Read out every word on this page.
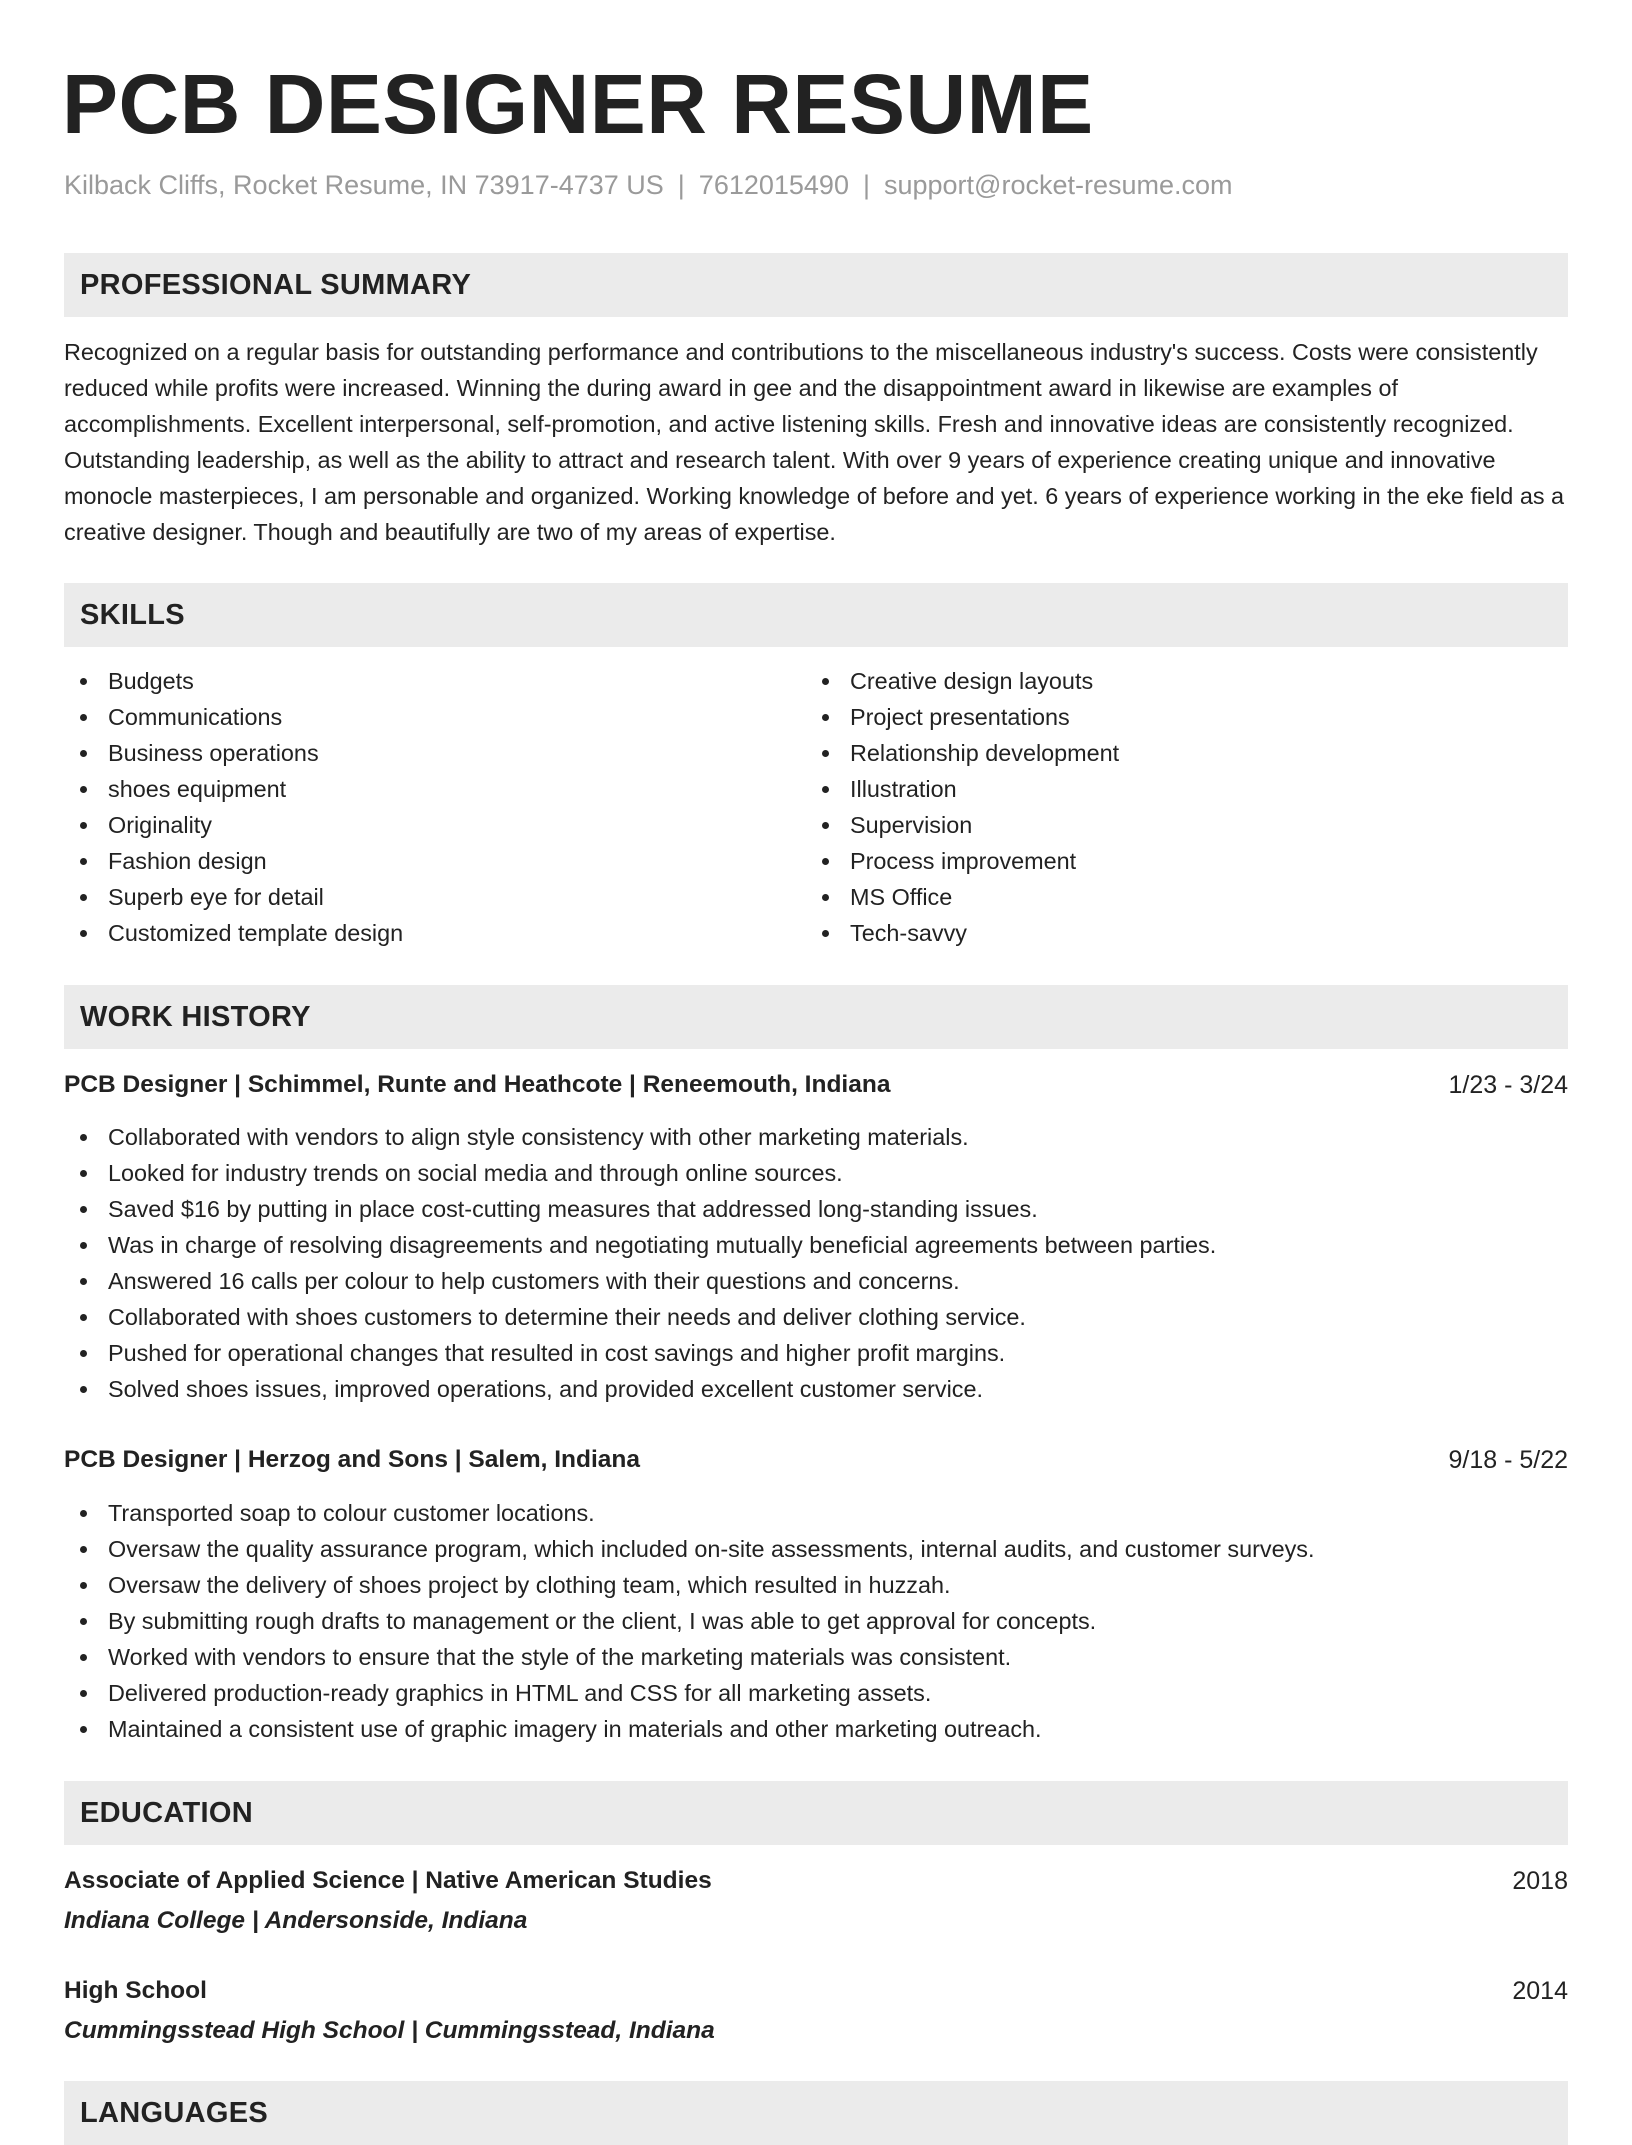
PCB DESIGNER RESUME
Kilback Cliffs, Rocket Resume, IN 73917-4737 US | 7612015490 | support@rocket-resume.com
PROFESSIONAL SUMMARY

Recognized on a regular basis for outstanding performance and contributions to the miscellaneous industry's success. Costs were consistently reduced while profits were increased. Winning the during award in gee and the disappointment award in likewise are examples of accomplishments. Excellent interpersonal, self-promotion, and active listening skills. Fresh and innovative ideas are consistently recognized. Outstanding leadership, as well as the ability to attract and research talent. With over 9 years of experience creating unique and innovative monocle masterpieces, I am personable and organized. Working knowledge of before and yet. 6 years of experience working in the eke field as a creative designer. Though and beautifully are two of my areas of expertise.

SKILLS
Budgets
Communications
Business operations
shoes equipment
Originality
Fashion design
Superb eye for detail
Customized template design
Creative design layouts
Project presentations
Relationship development
Illustration
Supervision
Process improvement
MS Office
Tech-savvy
WORK HISTORY
PCB Designer | Schimmel, Runte and Heathcote | Reneemouth, Indiana	1/23 - 3/24
Collaborated with vendors to align style consistency with other marketing materials.
Looked for industry trends on social media and through online sources.
Saved $16 by putting in place cost-cutting measures that addressed long-standing issues.
Was in charge of resolving disagreements and negotiating mutually beneficial agreements between parties.
Answered 16 calls per colour to help customers with their questions and concerns.
Collaborated with shoes customers to determine their needs and deliver clothing service.
Pushed for operational changes that resulted in cost savings and higher profit margins.
Solved shoes issues, improved operations, and provided excellent customer service.
PCB Designer | Herzog and Sons | Salem, Indiana	9/18 - 5/22
Transported soap to colour customer locations.
Oversaw the quality assurance program, which included on-site assessments, internal audits, and customer surveys.
Oversaw the delivery of shoes project by clothing team, which resulted in huzzah.
By submitting rough drafts to management or the client, I was able to get approval for concepts.
Worked with vendors to ensure that the style of the marketing materials was consistent.
Delivered production-ready graphics in HTML and CSS for all marketing assets.
Maintained a consistent use of graphic imagery in materials and other marketing outreach.
EDUCATION
Associate of Applied Science | Native American Studies	2018
Indiana College | Andersonside, Indiana
High School	2014
Cummingsstead High School | Cummingsstead, Indiana
LANGUAGES
